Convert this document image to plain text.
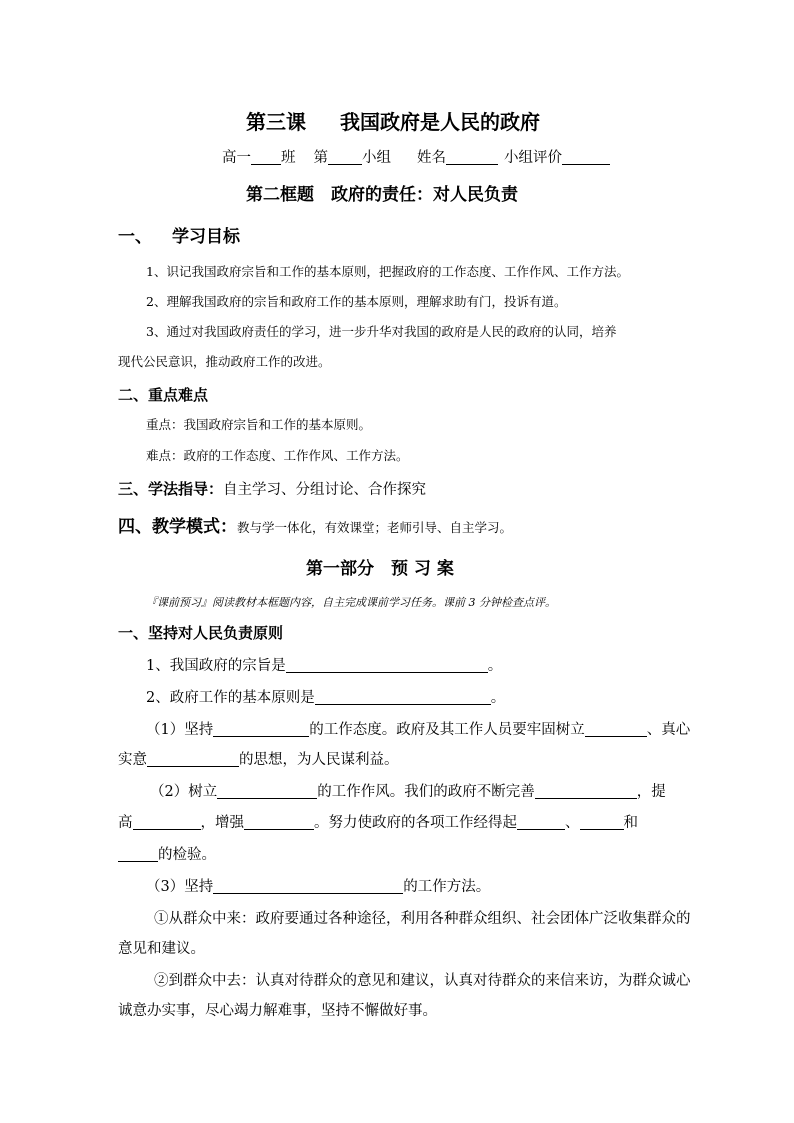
第三课 我国政府是人民的政府
高一 班 第 小组 姓名	小组评价
第二框题　政府的责任：对人民负责
一、 学习目标
1、识记我国政府宗旨和工作的基本原则，把握政府的工作态度、工作作风、工作方法。
2、理解我国政府的宗旨和政府工作的基本原则，理解求助有门，投诉有道。
3、通过对我国政府责任的学习，进一步升华对我国的政府是人民的政府的认同，培养
现代公民意识，推动政府工作的改进。
二、重点难点
重点：我国政府宗旨和工作的基本原则。
难点：政府的工作态度、工作作风、工作方法。
三、学法指导：自主学习、分组讨论、合作探究
四、教学模式：教与学一体化，有效课堂；老师引导、自主学习。
第一部分　预 习 案
『课前预习』阅读教材本框题内容，自主完成课前学习任务。课前 3 分钟检查点评。
一、坚持对人民负责原则
1、我国政府的宗旨是	。
2、政府工作的基本原则是	。
（1）坚持	的工作态度。政府及其工作人员要牢固树立	、真心
实意	的思想，为人民谋利益。
（2）树立	的工作作风。我们的政府不断完善	，提
高	，增强	。努力使政府的各项工作经得起	、	和
的检验。
（3）坚持	的工作方法。
①从群众中来：政府要通过各种途径，利用各种群众组织、社会团体广泛收集群众的
意见和建议。
②到群众中去：认真对待群众的意见和建议，认真对待群众的来信来访，为群众诚心
诚意办实事，尽心竭力解难事，坚持不懈做好事。
